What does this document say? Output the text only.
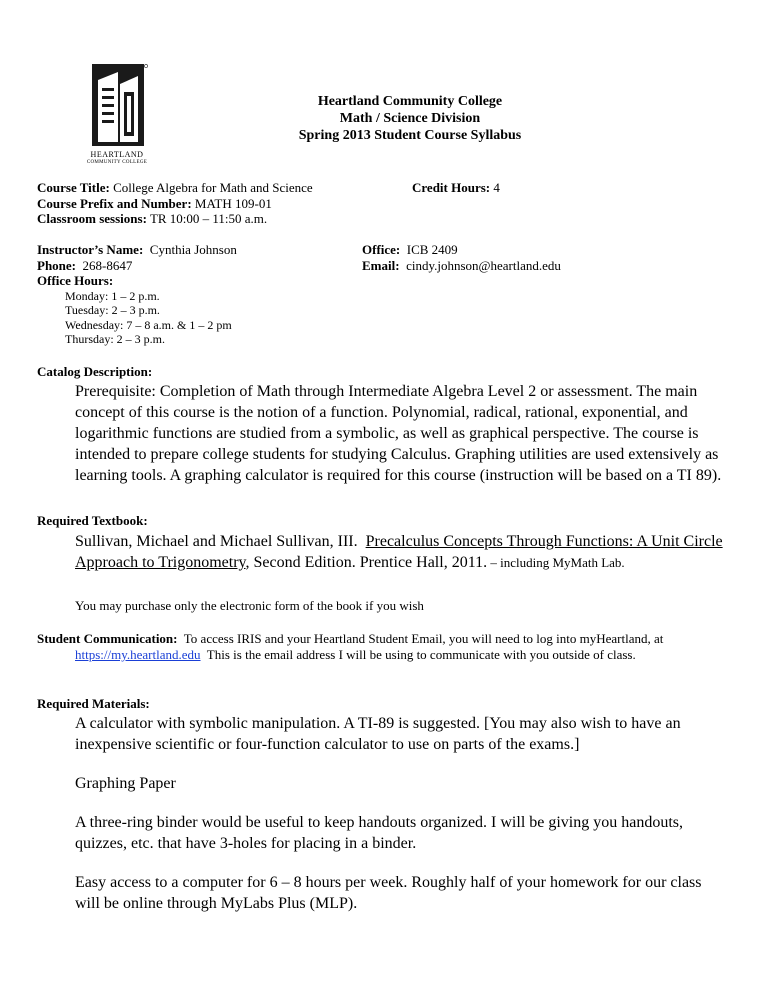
HEARTLAND
COMMUNITY COLLEGE
Heartland Community College
Math / Science Division
Spring 2013 Student Course Syllabus
Course Title: College Algebra for Math and Science
Course Prefix and Number: MATH 109-01
Classroom sessions: TR 10:00 – 11:50 a.m.
Credit Hours: 4
Instructor’s Name: Cynthia Johnson
Phone: 268-8647
Office Hours:
Monday: 1 – 2 p.m.
Tuesday: 2 – 3 p.m.
Wednesday: 7 – 8 a.m. & 1 – 2 pm
Thursday: 2 – 3 p.m.
Office: ICB 2409
Email: cindy.johnson@heartland.edu
Catalog Description:
Prerequisite: Completion of Math through Intermediate Algebra Level 2 or assessment. The main concept of this course is the notion of a function. Polynomial, radical, rational, exponential, and logarithmic functions are studied from a symbolic, as well as graphical perspective. The course is intended to prepare college students for studying Calculus. Graphing utilities are used extensively as learning tools. A graphing calculator is required for this course (instruction will be based on a TI 89).
Required Textbook:
Sullivan, Michael and Michael Sullivan, III. Precalculus Concepts Through Functions: A Unit Circle Approach to Trigonometry, Second Edition. Prentice Hall, 2011. – including MyMath Lab.
You may purchase only the electronic form of the book if you wish
Student Communication: To access IRIS and your Heartland Student Email, you will need to log into myHeartland, at https://my.heartland.edu This is the email address I will be using to communicate with you outside of class.
Required Materials:

A calculator with symbolic manipulation. A TI-89 is suggested. [You may also wish to have an inexpensive scientific or four-function calculator to use on parts of the exams.]

Graphing Paper

A three-ring binder would be useful to keep handouts organized. I will be giving you handouts, quizzes, etc. that have 3-holes for placing in a binder.

Easy access to a computer for 6 – 8 hours per week. Roughly half of your homework for our class will be online through MyLabs Plus (MLP).
